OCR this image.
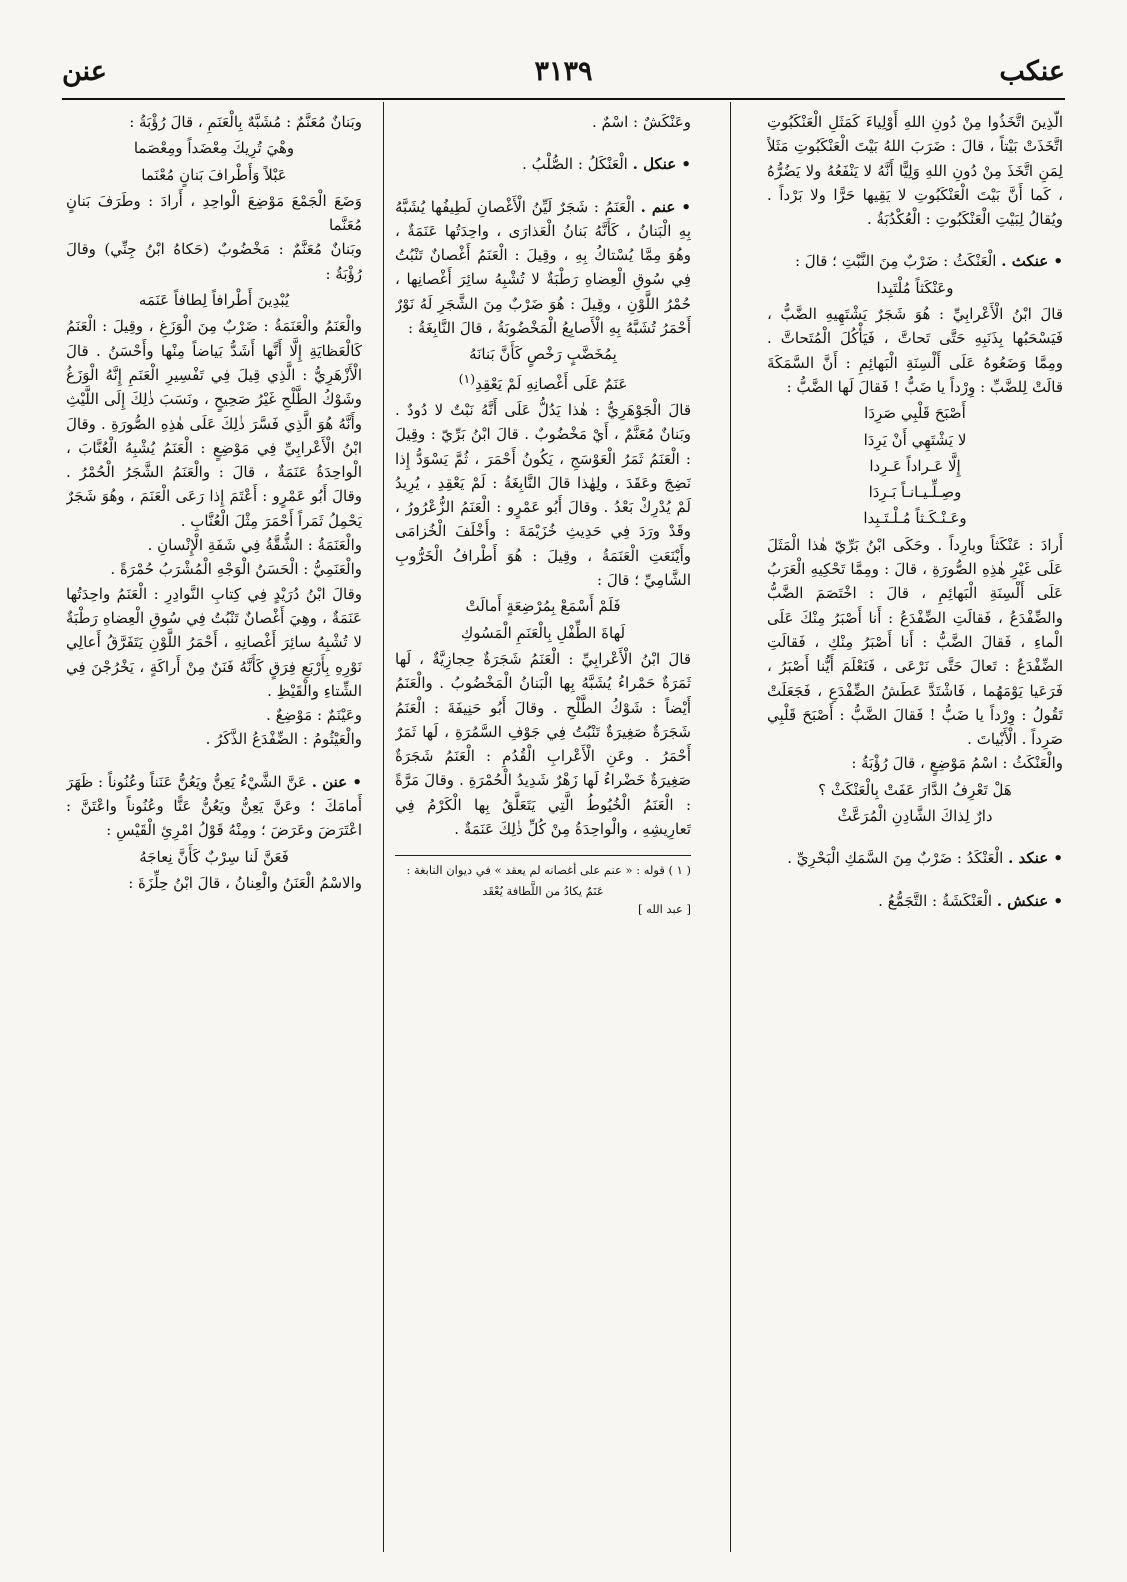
عنكب
٣١٣٩
عنن

الَّذِينَ اتَّخَذُوا مِنْ دُونِ اللهِ أَوْلِياءَ كَمَثَلِ الْعَنْكَبُوتِ اتَّخَذَتْ بَيْتاً ، قالَ : ضَرَبَ اللهُ بَيْتَ الْعَنْكَبُوتِ مَثَلاً لِمَنِ اتَّخَذَ مِنْ دُونِ اللهِ وَلِيًّا أَنَّهُ لا يَنْفَعُهُ ولا يَضُرُّهُ ، كَما أَنَّ بَيْتَ الْعَنْكَبُوتِ لا يَقِيها حَرًّا ولا بَرْداً . ويُقالُ لِبَيْتِ الْعَنْكَبُوتِ : الْعُكْدُبَةُ .

• عنكث . الْعَنْكَثُ : ضَرْبٌ مِنَ النَّبْتِ ؛ قالَ :

وعَنْكَثاً مُلْتَبِدا

قالَ ابْنُ الْأَعْرابِيِّ : هُوَ شَجَرٌ يَشْتَهِيهِ الضَّبُّ ، فَيَسْحَبُها بِذَنَبِهِ حَتَّى تَحاتَّ ، فَيَأْكُلَ الْمُتَحاتَّ . ومِمَّا وَضَعُوهُ عَلَى أَلْسِنَةِ الْبَهائِمِ : أَنَّ السَّمَكَةَ قالَتْ لِلضَّبِّ : وِرْداً يا ضَبُّ ! فَقالَ لَها الضَّبُّ :

أَصْبَحَ قَلْبِي صَرِدَا

لا يَشْتَهِي أَنْ يَرِدَا

إِلَّا عَـراداً عَـرِدا

وصِـلِّـيـانـاً بَـرِدَا

وعَـنْـكَـثاً مُـلْـتَـبِدا

أَرادَ : عَنْكَثاً وبارِداً . وحَكَى ابْنُ بَرِّيّ هٰذا الْمَثَلَ عَلَى غَيْرِ هٰذِهِ الصُّورَةِ ، قالَ : ومِمَّا تَحْكِيهِ الْعَرَبُ عَلَى أَلْسِنَةِ الْبَهائِمِ ، قالَ : اخْتَصَمَ الضَّبُّ والضِّفْدَعُ ، فَقالَتِ الضِّفْدَعُ : أَنا أَصْبَرُ مِنْكَ عَلَى الْماءِ ، فَقالَ الضَّبُّ : أَنا أَصْبَرُ مِنْكِ ، فَقالَتِ الضِّفْدَعُ : تَعالَ حَتَّى نَرْعَى ، فَنَعْلَمَ أَيُّنا أَصْبَرُ ، فَرَعَيا يَوْمَهُما ، فَاشْتَدَّ عَطَشُ الضِّفْدَعِ ، فَجَعَلَتْ تَقُولُ : وِرْداً يا ضَبُّ ! فَقالَ الضَّبُّ : أَصْبَحَ قَلْبِي صَرِداً . الْأَبْياتَ .

والْعَنْكَثُ : اسْمُ مَوْضِعٍ ، قالَ رُؤْبَةُ :

هَلْ تَعْرِفُ الدَّارَ عَفَتْ بِالْعَنْكَثْ ؟

دارٌ لِذاكَ الشَّادِنِ الْمُرَعَّثْ

• عنكد . الْعَنْكَدُ : ضَرْبٌ مِنَ السَّمَكِ الْبَحْرِيِّ .

• عنكش . الْعَنْكَشَةُ : التَّجَمُّعُ .

وعَنْكَشٌ : اسْمٌ .

• عنكل . الْعَنْكَلُ : الصُّلْبُ .

• عنم . الْعَنَمُ : شَجَرٌ لَيِّنُ الْأَغْصانِ لَطِيفُها يُشَبَّهُ بِهِ الْبَنانُ ، كَأَنَّهُ بَنانُ الْعَذارَى ، واحِدَتُها عَنَمَةٌ ، وهُوَ مِمَّا يُسْتاكُ بِهِ ، وقِيلَ : الْعَنَمُ أَغْصانٌ تَنْبُتُ فِي سُوقِ الْعِضاهِ رَطْبَةٌ لا تُشْبِهُ سائِرَ أَغْصانِها ، حُمْرُ اللَّوْنِ ، وقِيلَ : هُوَ ضَرْبٌ مِنَ الشَّجَرِ لَهُ نَوْرٌ أَحْمَرُ تُشَبَّهُ بِهِ الْأَصابِعُ الْمَخْضُوبَةُ ، قالَ النَّابِغَةُ :

بِمُخَضَّبٍ رَخْصٍ كَأَنَّ بَنانَهُ

عَنَمٌ عَلَى أَغْصانِهِ لَمْ يَعْقِدِ$^{(١)}$

قالَ الْجَوْهَرِيُّ : هٰذا يَدُلُّ عَلَى أَنَّهُ نَبْتٌ لا دُودٌ . وبَنانٌ مُعَنَّمٌ ، أَيْ مَخْضُوبٌ . قالَ ابْنُ بَرِّيّ : وقِيلَ : الْعَنَمُ ثَمَرُ الْعَوْسَجِ ، يَكُونُ أَحْمَرَ ، ثُمَّ يَسْوَدُّ إِذا نَضِجَ وعَقَدَ ، ولِهٰذا قالَ النَّابِغَةُ : لَمْ يَعْقِدِ ، يُرِيدُ لَمْ يُدْرِكْ بَعْدُ . وقالَ أَبُو عَمْرٍو : الْعَنَمُ الزُّعْرُورُ ، وقَدْ ورَدَ فِي حَدِيثِ خُزَيْمَةَ : وأَخْلَفَ الْخُزامَى وأَيْنَعَتِ الْعَنَمَةُ ، وقِيلَ : هُوَ أَطْرافُ الْخَرُّوبِ الشَّامِيِّ ؛ قالَ :

فَلَمْ أَسْمَعْ بِمُرْضِعَةٍ أَمالَتْ

لَهاةَ الطِّفْلِ بِالْعَنَمِ الْمَسُوكِ

قالَ ابْنُ الْأَعْرابِيِّ : الْعَنَمُ شَجَرَةٌ حِجازِيَّةٌ ، لَها ثَمَرَةٌ حَمْراءُ يُشَبَّهُ بِها الْبَنانُ الْمَخْضُوبُ . والْعَنَمُ أَيْضاً : شَوْكُ الطَّلْحِ . وقالَ أَبُو حَنِيفَةَ : الْعَنَمُ شَجَرَةٌ صَغِيرَةٌ تَنْبُتُ فِي جَوْفِ السَّمُرَةِ ، لَها ثَمَرٌ أَحْمَرُ . وعَنِ الْأَعْرابِ الْقُدُمِ : الْعَنَمُ شَجَرَةٌ صَغِيرَةٌ خَضْراءُ لَها زَهْرٌ شَدِيدُ الْحُمْرَةِ . وقالَ مَرَّةً : الْعَنَمُ الْخُيُوطُ الَّتِي يَتَعَلَّقُ بِها الْكَرْمُ فِي تَعارِيشِهِ ، والْواحِدَةُ مِنْ كُلِّ ذٰلِكَ عَنَمَةٌ .

( ١ ) قوله : « عنم على أغصانه لم يعقد » في ديوان النابغة :

عَنَمٌ يكادُ من اللَّطافة يُعْقَد

[ عبد الله ]

وبَنانٌ مُعَنَّمٌ : مُشَبَّهٌ بِالْعَنَمِ ، قالَ رُؤْبَةُ :

وهْيَ تُرِيكَ مِعْضَداً ومِعْصَما

عَبْلاً وَأَطْرافَ بَنانٍ مُعْنَما

وَضَعَ الْجَمْعَ مَوْضِعَ الْواحِدِ ، أَرادَ : وطَرَفَ بَنانٍ مُعَنَّما

وبَنانٌ مُعَنَّمٌ : مَخْضُوبٌ (حَكاهُ ابْنُ جِنِّي) وقالَ رُؤْبَةُ :

يُبْدِينَ أَطْرافاً لِطافاً عَنَمَه

والْعَنَمُ والْعَنَمَةُ : ضَرْبٌ مِنَ الْوَزَغِ ، وقِيلَ : الْعَنَمُ كَالْعَظايَةِ إِلَّا أَنَّها أَشَدُّ بَياضاً مِنْها وأَحْسَنُ . قالَ الْأَزْهَرِيُّ : الَّذِي قِيلَ فِي تَفْسِيرِ الْعَنَمِ إِنَّهُ الْوَزَغُ وشَوْكُ الطَّلْحِ غَيْرُ صَحِيحٍ ، ونَسَبَ ذٰلِكَ إِلَى اللَّيْثِ وأَنَّهُ هُوَ الَّذِي فَسَّرَ ذٰلِكَ عَلَى هٰذِهِ الصُّورَةِ . وقالَ ابْنُ الْأَعْرابِيِّ فِي مَوْضِعٍ : الْعَنَمُ يُشْبِهُ الْعُنَّابَ ، الْواحِدَةُ عَنَمَةٌ ، قالَ : والْعَنَمُ الشَّجَرُ الْحُمْرُ . وقالَ أَبُو عَمْرٍو : أَعْتَمَ إِذا رَعَى الْعَنَمَ ، وهُوَ شَجَرٌ يَحْمِلُ ثَمَراً أَحْمَرَ مِثْلَ الْعُنَّابِ .

والْعَنَمَةُ : الشُّقَّةُ فِي شَفَةِ الْإِنْسانِ .

والْعَنَمِيُّ : الْحَسَنُ الْوَجْهِ الْمُشْرَبُ حُمْرَةً .

وقالَ ابْنُ دُرَيْدٍ فِي كِتابِ النَّوادِرِ : الْعَنَمُ واحِدَتُها عَنَمَةٌ ، وهِيَ أَغْصانٌ تَنْبُتُ فِي سُوقِ الْعِضاهِ رَطْبَةٌ لا تُشْبِهُ سائِرَ أَغْصانِهِ ، أَحْمَرُ اللَّوْنِ يَتَفَرَّقُ أَعالِي نَوْرِهِ بِأَرْبَعِ فِرَقٍ كَأَنَّهُ فَنَنٌ مِنْ أَراكَةٍ ، يَخْرُجْنَ فِي الشِّتاءِ والْقَيْظِ .

وعَيْنَمٌ : مَوْضِعٌ .

والْعَيْثُومُ : الضِّفْدَعُ الذَّكَرُ .

• عنن . عَنَّ الشَّيْءُ يَعِنُّ ويَعُنُّ عَنَناً وعُنُوناً : ظَهَرَ أَمامَكَ ؛ وعَنَّ يَعِنُّ ويَعُنُّ عَنًّا وعُنُوناً واعْتَنَّ : اعْتَرَضَ وعَرَضَ ؛ ومِنْهُ قَوْلُ امْرِئِ الْقَيْسِ :

فَعَنَّ لَنا سِرْبٌ كَأَنَّ نِعاجَهُ

والاسْمُ الْعَنَنُ والْعِنانُ ، قالَ ابْنُ حِلِّزَةَ :
